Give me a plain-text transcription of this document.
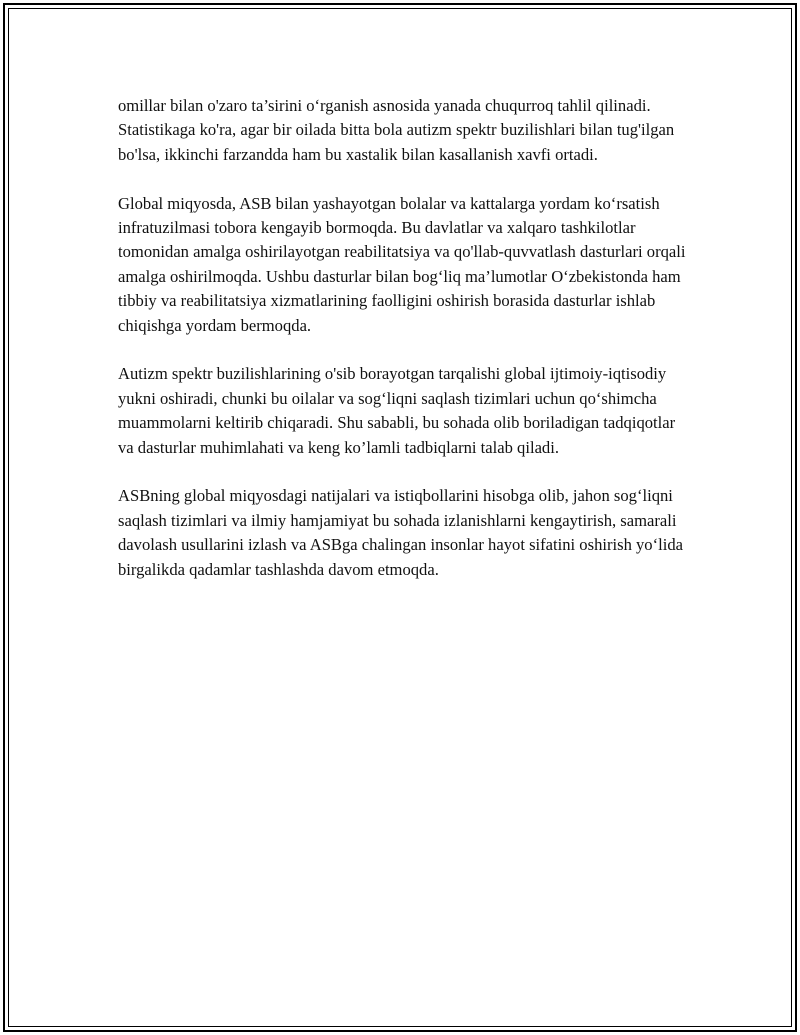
omillar bilan o'zaro ta’sirini o‘rganish asnosida yanada chuqurroq tahlil qilinadi. Statistikaga ko'ra, agar bir oilada bitta bola autizm spektr buzilishlari bilan tug'ilgan bo'lsa, ikkinchi farzandda ham bu xastalik bilan kasallanish xavfi ortadi.

Global miqyosda, ASB bilan yashayotgan bolalar va kattalarga yordam ko‘rsatish infratuzilmasi tobora kengayib bormoqda. Bu davlatlar va xalqaro tashkilotlar tomonidan amalga oshirilayotgan reabilitatsiya va qo'llab-quvvatlash dasturlari orqali amalga oshirilmoqda. Ushbu dasturlar bilan bog‘liq ma’lumotlar O‘zbekistonda ham tibbiy va reabilitatsiya xizmatlarining faolligini oshirish borasida dasturlar ishlab chiqishga yordam bermoqda.

Autizm spektr buzilishlarining o'sib borayotgan tarqalishi global ijtimoiy-iqtisodiy yukni oshiradi, chunki bu oilalar va sog‘liqni saqlash tizimlari uchun qo‘shimcha muammolarni keltirib chiqaradi. Shu sababli, bu sohada olib boriladigan tadqiqotlar va dasturlar muhimlahati va keng ko’lamli tadbiqlarni talab qiladi.

ASBning global miqyosdagi natijalari va istiqbollarini hisobga olib, jahon sog‘liqni saqlash tizimlari va ilmiy hamjamiyat bu sohada izlanishlarni kengaytirish, samarali davolash usullarini izlash va ASBga chalingan insonlar hayot sifatini oshirish yo‘lida birgalikda qadamlar tashlashda davom etmoqda.
